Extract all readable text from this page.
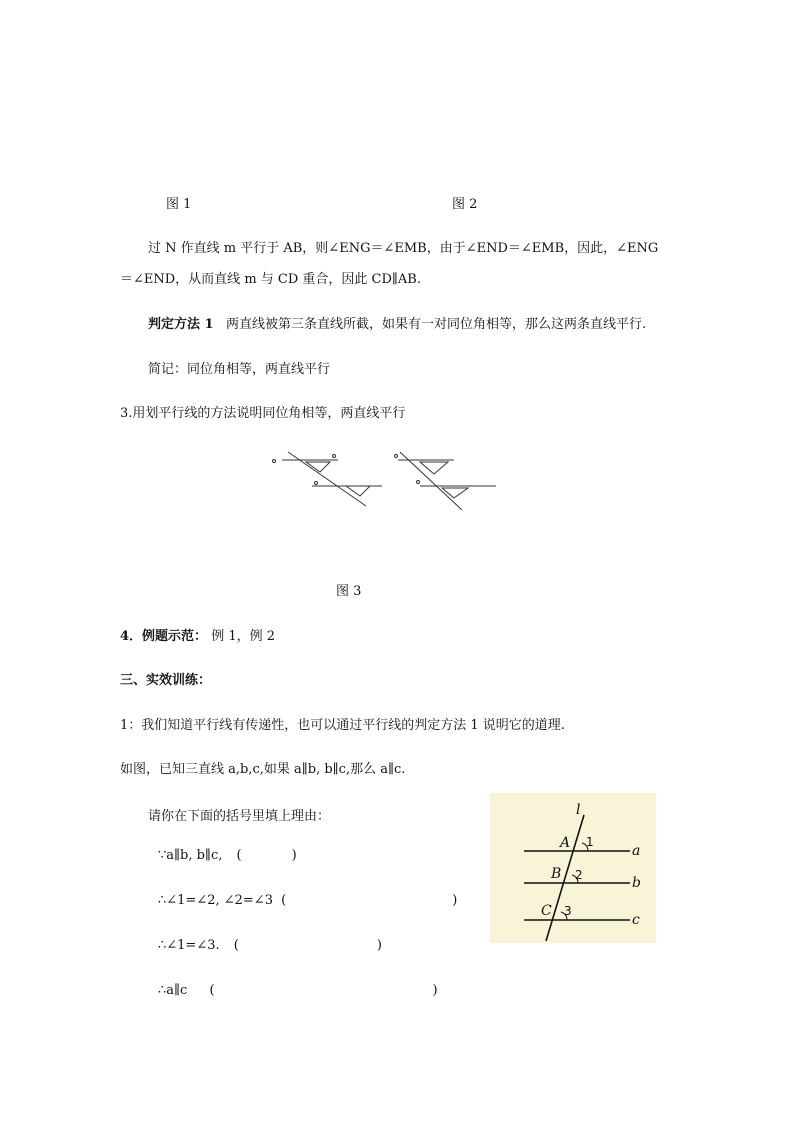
图 1	图 2
过 N 作直线 m 平行于 AB，则∠ENG＝∠EMB，由于∠END＝∠EMB，因此，∠ENG
＝∠END，从而直线 m 与 CD 重合，因此 CD∥AB.
判定方法 1 两直线被第三条直线所截，如果有一对同位角相等，那么这两条直线平行.
简记：同位角相等，两直线平行
3.用划平行线的方法说明同位角相等，两直线平行
图 3
4．例题示范： 例 1，例 2
三、实效训练：
1：我们知道平行线有传递性，也可以通过平行线的判定方法 1 说明它的道理.
如图，已知三直线 a,b,c,如果 a∥b, b∥c,那么 a∥c.
请你在下面的括号里填上理由：
∵a∥b, b∥c, (	)
∴∠1=∠2, ∠2=∠3 (	)
∴∠1=∠3. (	)
∴a∥c (	)
l
A
B
C
a
b
c
1
2
3
